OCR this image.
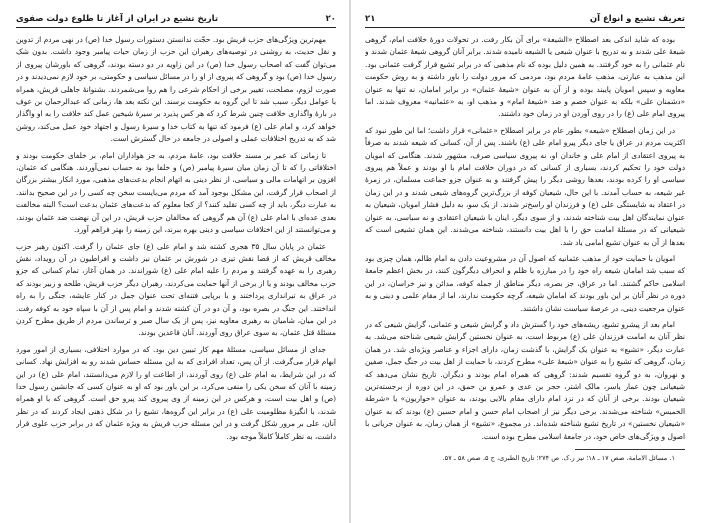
۲۰
تاریخ تشیع در ایران از آغاز تا طلوع دولت صفوی

مهم‌ترین ویژگی‌های حزب قریش بود. حجّت ندانستن دستورات رسول خدا (ص) در نهی مردم از تدوین و نقل حدیث، به روشنی در توصیه‌های رهبران این حزب از زمان حیات پیامبر وجود داشت. بدون شک می‌توان گفت که اصحاب رسول خدا (ص) در این زاویه در دو دسته بودند، گروهی که باورشان پیروی از رسول خدا (ص) بود و گروهی که پیروی از او را در مسائل سیاسی و حکومتی، بر خود لازم نمی‌دیدند و در صورت لزوم، مصلحت، تغییر برخی از احکام شرعی را هم روا می‌شمردند. بشنوانهٔ جاهلی قریش، همراه با عوامل دیگر، سبب شد تا این گروه به حکومت برسند. این نکته بعد ها، زمانی که عبدالرحمان بن عوف در بارهٔ واگذاری خلافت چنین شرط کرد که هر کس پذیرد بر سیرهٔ شیخین عمل کند خلافت را به او واگذار خواهد کرد، و امام علی (ع) فرمود که تنها به کتاب خدا و سیرهٔ رسول و اجتهاد خود عمل می‌کند، روشن شد که به تدریج اختلافات عملی و اصولی در جامعه در حال گسترش است.

تا زمانی که عمر بر مسند خلافت بود، عامهٔ مردم، به جز هواداران امام، بر خلفای حکومت بودند و اختلافاتی را که تا آن زمان میان سیرهٔ پیامبر (ص) و خلفا بود به حساب نمی‌آوردند. هنگامی که عثمان، افزون بر اتهامات مالی و سیاسی، از نظر دینی به اتهام انجام بدعت‌های مذهبی، مورد انکار بیشتر بزرگان از اصحاب قرار گرفت، این مشکل بوجود آمد که مردم می‌بایست سخن چه کسی را در این صحیح بدانند. به عبارت دیگر، باید از چه کسی تقلید کنند؟ از کجا معلوم که بدعت‌های عثمان بدعت است؟ البته مخالفت بعدی عده‌ای با امام علی (ع) آن هم گروهی که مخالفان حزب قریش، در این آن نهضت ضد عثمان بودند، و می‌توانستند از این اختلافات سیاسی و دینی بهره ببرند، این زمینه را بهتر فراهم آورد.

عثمان در پایان سال ۳۵ هجری کشته شد و امام علی (ع) جای عثمان را گرفت. اکنون رهبر حزب مخالف قریش که از قضا نقش تیزی در شورش بر عثمان نیز داشت و افراطیون در آن رویداد، نقش رهبری را به عهده گرفتند و مردم را علیه امام علی (ع) شوراندند. در همان آغاز، تمام کسانی که جزو حزب مخالف بودند و یا از برخی از آنها حمایت می‌کردند، رهبران دیگر حزب قریش، طلحه و زبیر بودند که در عراق به تیرانداری پرداختند و با برپایی فتنه‌ای تحت عنوان جمل در کنار عایشه، جنگی را به راه انداختند. این جنگ در بصره بود، و آن دو در آن کشته شدند و امام پس از آن با سپاه خود به کوفه رفت. در این میان، شامیان به رهبری معاویه نیز، پس از یک سال صبر و ترساندن مردم از طریق مطرح کردن مسئلهٔ قتل عثمان، به سوی عراق روی آوردند. آنان قاعدین بودند.

جدای از مسائل سیاسی، مسئلهٔ مهم کار تبیین دین بود. که در موارد اختلافی، بسیاری از امور مورد ابهام قرار می‌گرفت. از آن پس، تعداد افرادی که به این مسئله حساس شدند رو به افزایش نهاد. کسانی که در این شرایط، به امام علی (ع) روی آوردند، از اطاعت او را لازم می‌دانستند، امام علی (ع) در این زمینه با آنان که سخن یکی را منفی می‌کرد، بر این باور بود که او به عنوان کسی که جانشین رسول خدا (ص) و اهل بیت است، و هرکس در این زمینه از وی پیروی کند پیرو حق است. گروهی که با او همراه شدند، با انگیزهٔ مظلومیت علی (ع) در برابر این گروه‌ها، تشیع را در شکل ذهنی ایجاد کردند که در نظر آنان، علی بر مرور شکل گرفت و در این مسئله حزب قریش به ویژه عثمان که در برابر حزب علوی قرار داشت، به نظر کاملاً کاملاً موجه بود.

تعریف تشیع و انواع آن
۲۱

بوده که شاید اندکی بعد اصطلاح «الشیعة» برای آن بکار رفت. در تحولات دورهٔ خلافت امام، گروهی شیعهٔ علی شدند و به تدریج با عنوان شیعی یا الشیعه نامیده شدند. برابر آنان گروهی شیعهٔ عثمان شدند و نام عثمانی را به خود گرفتند. به همین دلیل بوده که نام مذهبی که در برابر تشیع قرار گرفت عثمانی بود. این مذهب به عبارتی، مذهب عامهٔ مردم بود، مردمی که مرور دولت را باور داشته و به روش حکومت معاویه و سپس امویان پایبند بوده و از آن به عنوان «شیعهٔ عثمان» در برابر امامان، نه تنها به عنوان «دشمنان علی» بلکه به عنوان خصم و ضد «شیعهٔ امام» و مذهب او، به «عثمانیه» معروف شدند. اما پیروی امام علی (ع) را در روی آوردن او در زمان خود داشتند.

در این زمان اصطلاح «شیعه» بطور عام در برابر اصطلاح «عثمانی» قرار داشت؛ اما این طور نبود که اکثریت مردم در عراق یا جای دیگر پیرو امام علی (ع) باشند. پس از آن، کسانی که شیعه شدند به صرفاً به پیروی اعتقادی از امام علی و خاندان او، نه پیروی سیاسی صرف، مشهور شدند. هنگامی که امویان دولت خود را تحکیم کردند، بسیاری از کسانی که در دوران خلافت امام با او بودند و عملاً هم پیروی سیاسی او را کرده بودند، بعدها روشی دیگر را پیش گرفتند و به عنوان جزو جماعت مسلمان، در زمرهٔ غیر شیعه، به حساب آمدند. با این حال، شیعیان کوفه از بزرگ‌ترین گروه‌های شیعی شدند و در این زمان در اعتقاد به شایستگی علی (ع) و فرزندان او راسخ‌تر شدند. از یک سو، به دلیل فشار امویان، شیعیان به عنوان نمایندگان اهل بیت شناخته شدند، و از سوی دیگر، اینان با شیعیان اعتقادی و نه سیاسی، به عنوان شیعیانی که در مسئلهٔ امامت حق را با اهل بیت دانستند، شناخته می‌شدند. این همان تشیعی است که بعدها از آن به عنوان تشیع امامی یاد شد.

امویان با حمایت خود از مذهب عثمانیه که اصول آن در مشروعیت دادن به امام ظالم، همان چیزی بود که سبب شد امامان شیعه راه خود را در مبارزه با ظلم و انحراف دیگرگون کنند، در بخش اعظم جامعهٔ اسلامی حاکم گشتند. اما در عراق، جز بصره، دیگر مناطق از جمله کوفه، مدائن و نیز خراسان، در این دوره در نظر آنان بر این باور بودند که امامان شیعه، گرچه حکومت ندارند، اما از مقام علمی و دینی و به عنوان مرجعیت دینی، در عرصهٔ سیاست نشان داشتند.

امام بعد از پیشرو تشیع، ریشه‌های خود را گسترش داد و گرایش شیعی و عثمانی، گرایش شیعی که در نظر آنان به امامت فرزندان علی (ع) مربوط است، به عنوان نخستین گرایش شیعی شناخته می‌شد. به عبارت دیگر، «تشیع» به عنوان یک گرایش، با گذشت زمان، دارای اجزاء و عناصر ویژه‌ای شد. در همان زمان، گروهی که تشیع را به عنوان «شیعهٔ علی» مطرح کردند، با حمایت از اهل بیت در جنگ جمل، صفین و نهروان، به دو گروه تقسیم شدند: گروهی که همراه امام بودند و دیگران. تاریخ نشان می‌دهد که شیعیانی چون عمار یاسر، مالک اشتر، حجر بن عدی و عمرو بن حمق، در این دوره از برجسته‌ترین شیعیان بودند. برخی از آنان که در نزد امام دارای مقام بالایی بودند، به عنوان «حواریون» یا «شرطة الخمیس» شناخته می‌شدند. برخی دیگر نیز از اصحاب امام حسن و امام حسین (ع) بودند که به عنوان «شیعیان نخستین» در تاریخ تشیع شناخته شده‌اند. در مجموع، «تشیع» از همان زمان، به عنوان جریانی با اصول و ویژگی‌های خاص خود، در جامعهٔ اسلامی مطرح بوده است.

۱. مسائل الامامة، صص ۱۷ ـ ۱۸؛ نیز ر.ک. ص ۲۷۴؛ تاریخ الطبری، ج ۵، صص ۵۸ ـ ۵۷.
